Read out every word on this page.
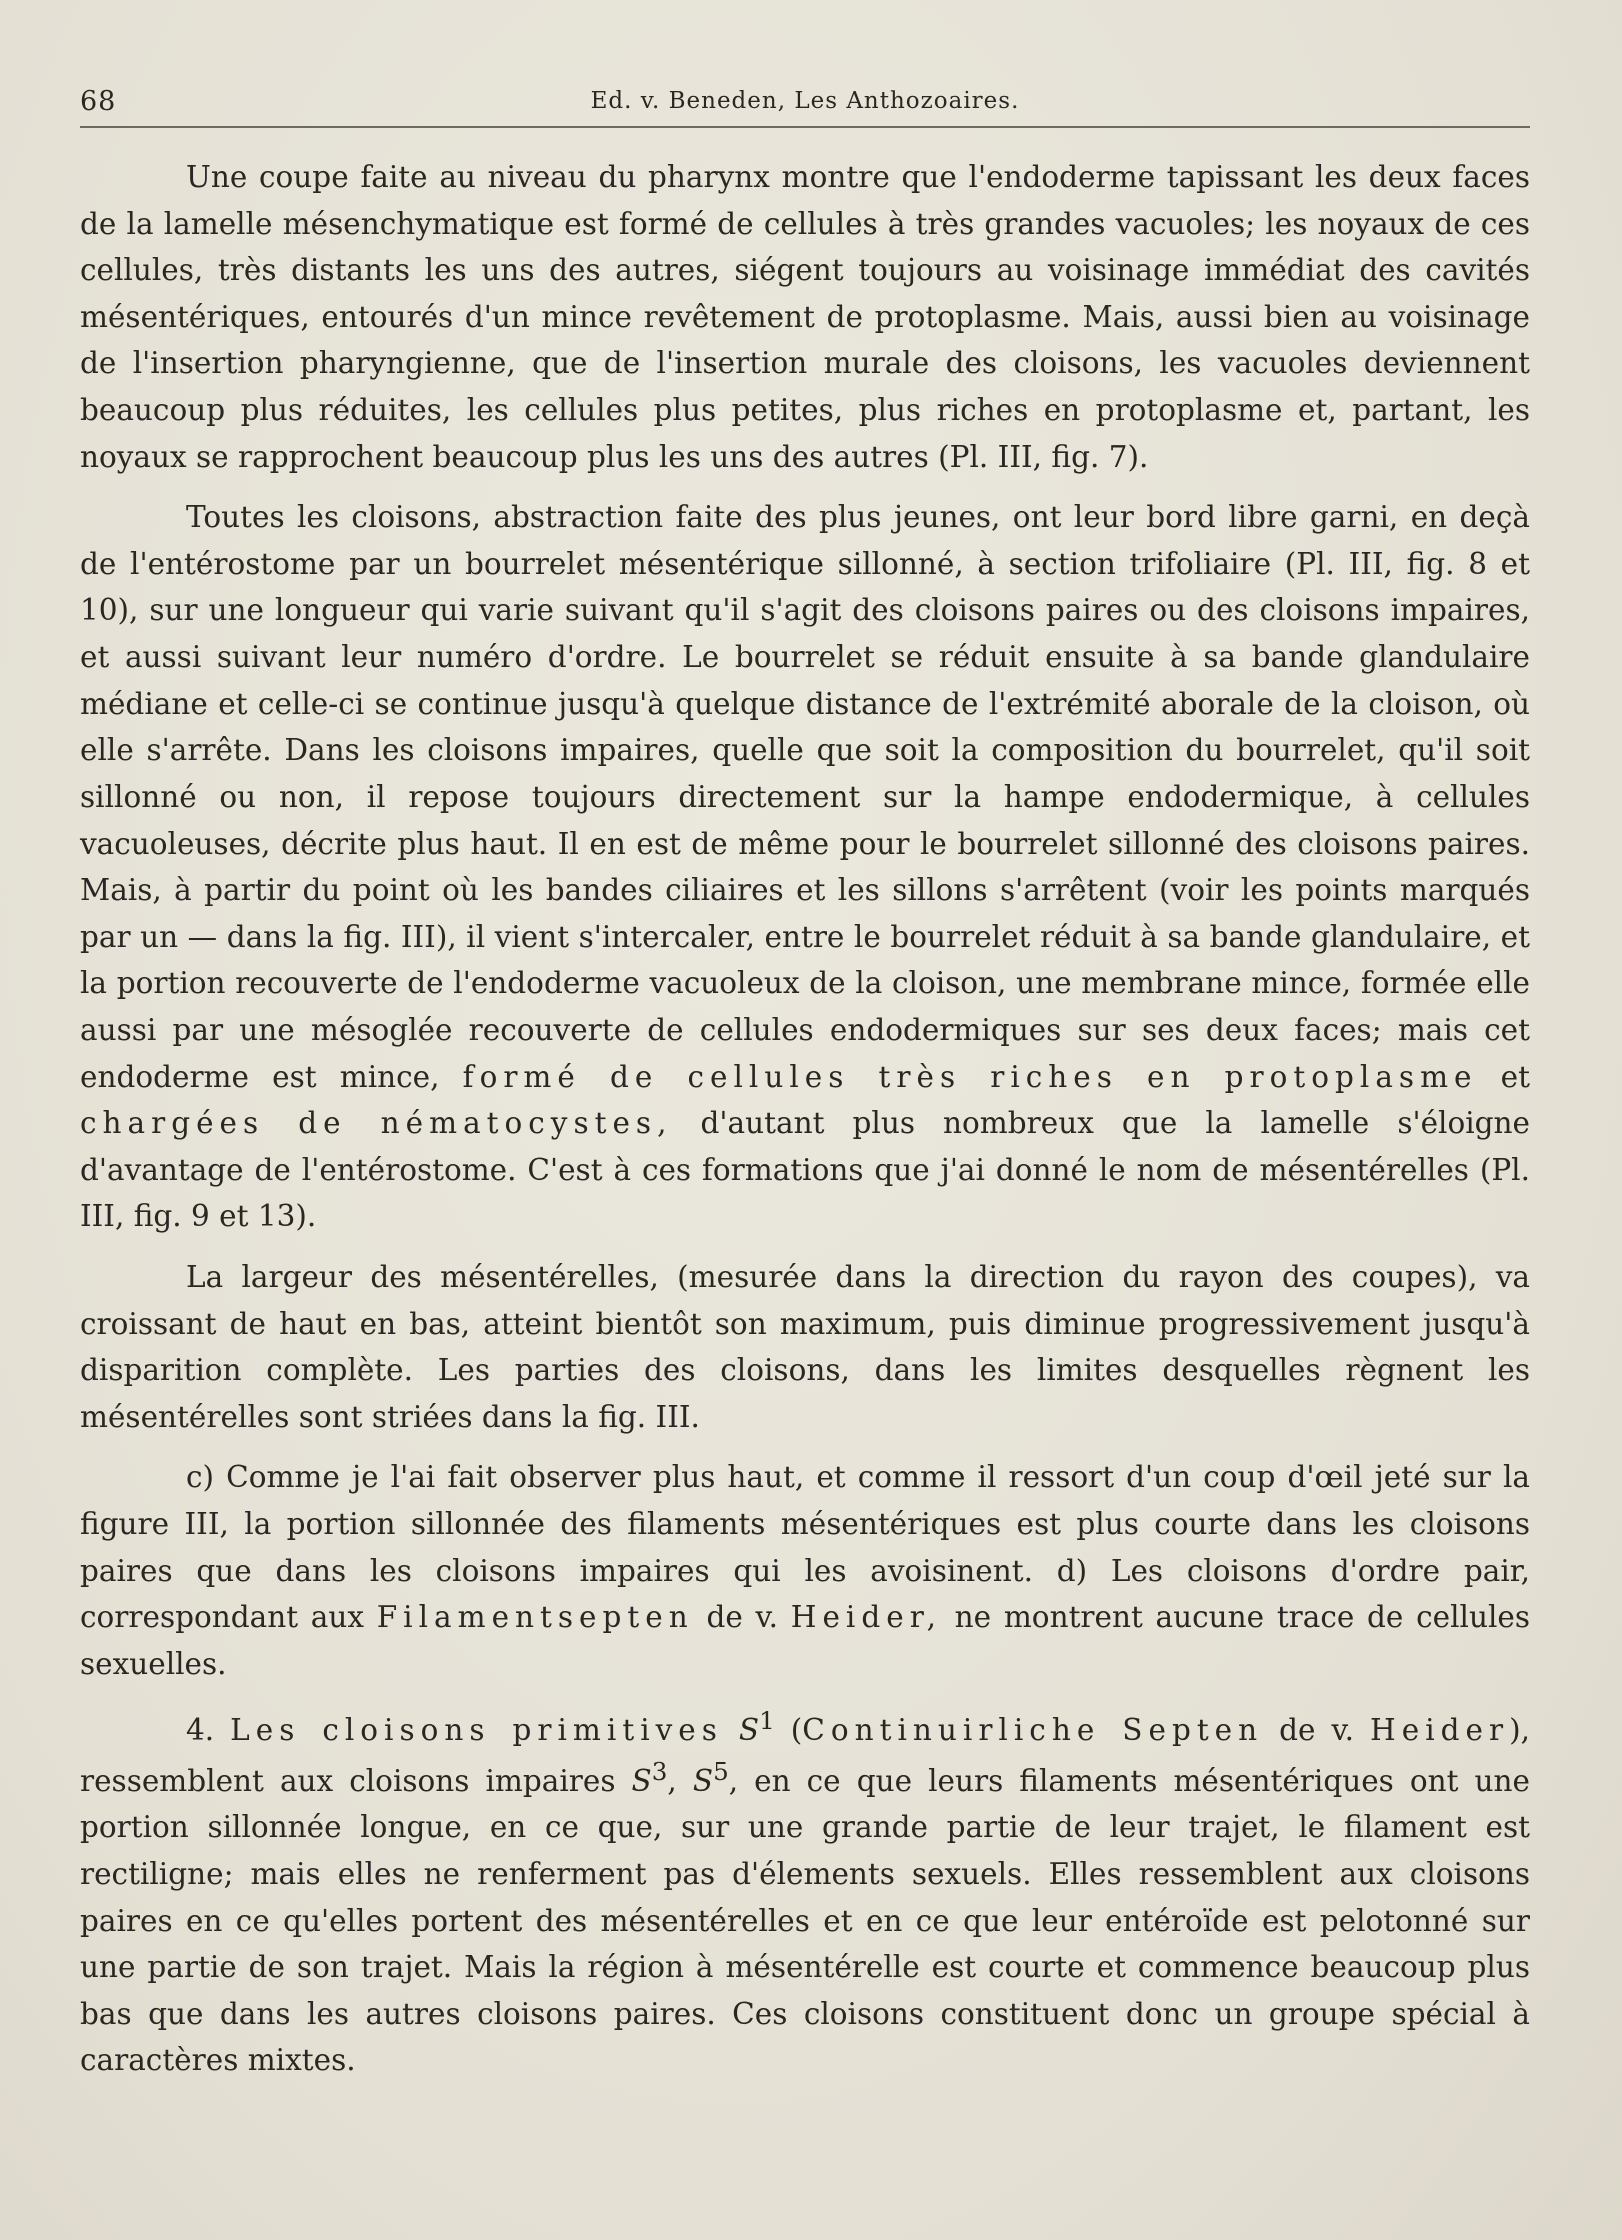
68	Ed. v. Beneden, Les Anthozoaires.

Une coupe faite au niveau du pharynx montre que l'endoderme tapissant les deux faces de la lamelle mésenchymatique est formé de cellules à très grandes vacuoles; les noyaux de ces cellules, très distants les uns des autres, siégent toujours au voisinage immédiat des cavités mésentériques, entourés d'un mince revêtement de protoplasme. Mais, aussi bien au voisinage de l'insertion pharyngienne, que de l'insertion murale des cloisons, les vacuoles deviennent beaucoup plus réduites, les cellules plus petites, plus riches en protoplasme et, partant, les noyaux se rapprochent beaucoup plus les uns des autres (Pl. III, fig. 7).

Toutes les cloisons, abstraction faite des plus jeunes, ont leur bord libre garni, en deçà de l'entérostome par un bourrelet mésentérique sillonné, à section trifoliaire (Pl. III, fig. 8 et 10), sur une longueur qui varie suivant qu'il s'agit des cloisons paires ou des cloisons impaires, et aussi suivant leur numéro d'ordre. Le bourrelet se réduit ensuite à sa bande glandulaire médiane et celle-ci se continue jusqu'à quelque distance de l'extrémité aborale de la cloison, où elle s'arrête. Dans les cloisons impaires, quelle que soit la composition du bourrelet, qu'il soit sillonné ou non, il repose toujours directement sur la hampe endodermique, à cellules vacuoleuses, décrite plus haut. Il en est de même pour le bourrelet sillonné des cloisons paires. Mais, à partir du point où les bandes ciliaires et les sillons s'arrêtent (voir les points marqués par un — dans la fig. III), il vient s'intercaler, entre le bourrelet réduit à sa bande glandulaire, et la portion recouverte de l'endoderme vacuoleux de la cloison, une membrane mince, formée elle aussi par une mésoglée recouverte de cellules endodermiques sur ses deux faces; mais cet endoderme est mince, formé de cellules très riches en protoplasme et chargées de nématocystes, d'autant plus nombreux que la lamelle s'éloigne d'avantage de l'entérostome. C'est à ces formations que j'ai donné le nom de mésentérelles (Pl. III, fig. 9 et 13).

La largeur des mésentérelles, (mesurée dans la direction du rayon des coupes), va croissant de haut en bas, atteint bientôt son maximum, puis diminue progressivement jusqu'à disparition complète. Les parties des cloisons, dans les limites desquelles règnent les mésentérelles sont striées dans la fig. III.

c) Comme je l'ai fait observer plus haut, et comme il ressort d'un coup d'œil jeté sur la figure III, la portion sillonnée des filaments mésentériques est plus courte dans les cloisons paires que dans les cloisons impaires qui les avoisinent. d) Les cloisons d'ordre pair, correspondant aux Filamentsepten de v. Heider, ne montrent aucune trace de cellules sexuelles.

4. Les cloisons primitives $S^1$ (Continuirliche Septen de v. Heider), ressemblent aux cloisons impaires $S^3$, $S^5$, en ce que leurs filaments mésentériques ont une portion sillonnée longue, en ce que, sur une grande partie de leur trajet, le filament est rectiligne; mais elles ne renferment pas d'élements sexuels. Elles ressemblent aux cloisons paires en ce qu'elles portent des mésentérelles et en ce que leur entéroïde est pelotonné sur une partie de son trajet. Mais la région à mésentérelle est courte et commence beaucoup plus bas que dans les autres cloisons paires. Ces cloisons constituent donc un groupe spécial à caractères mixtes.
